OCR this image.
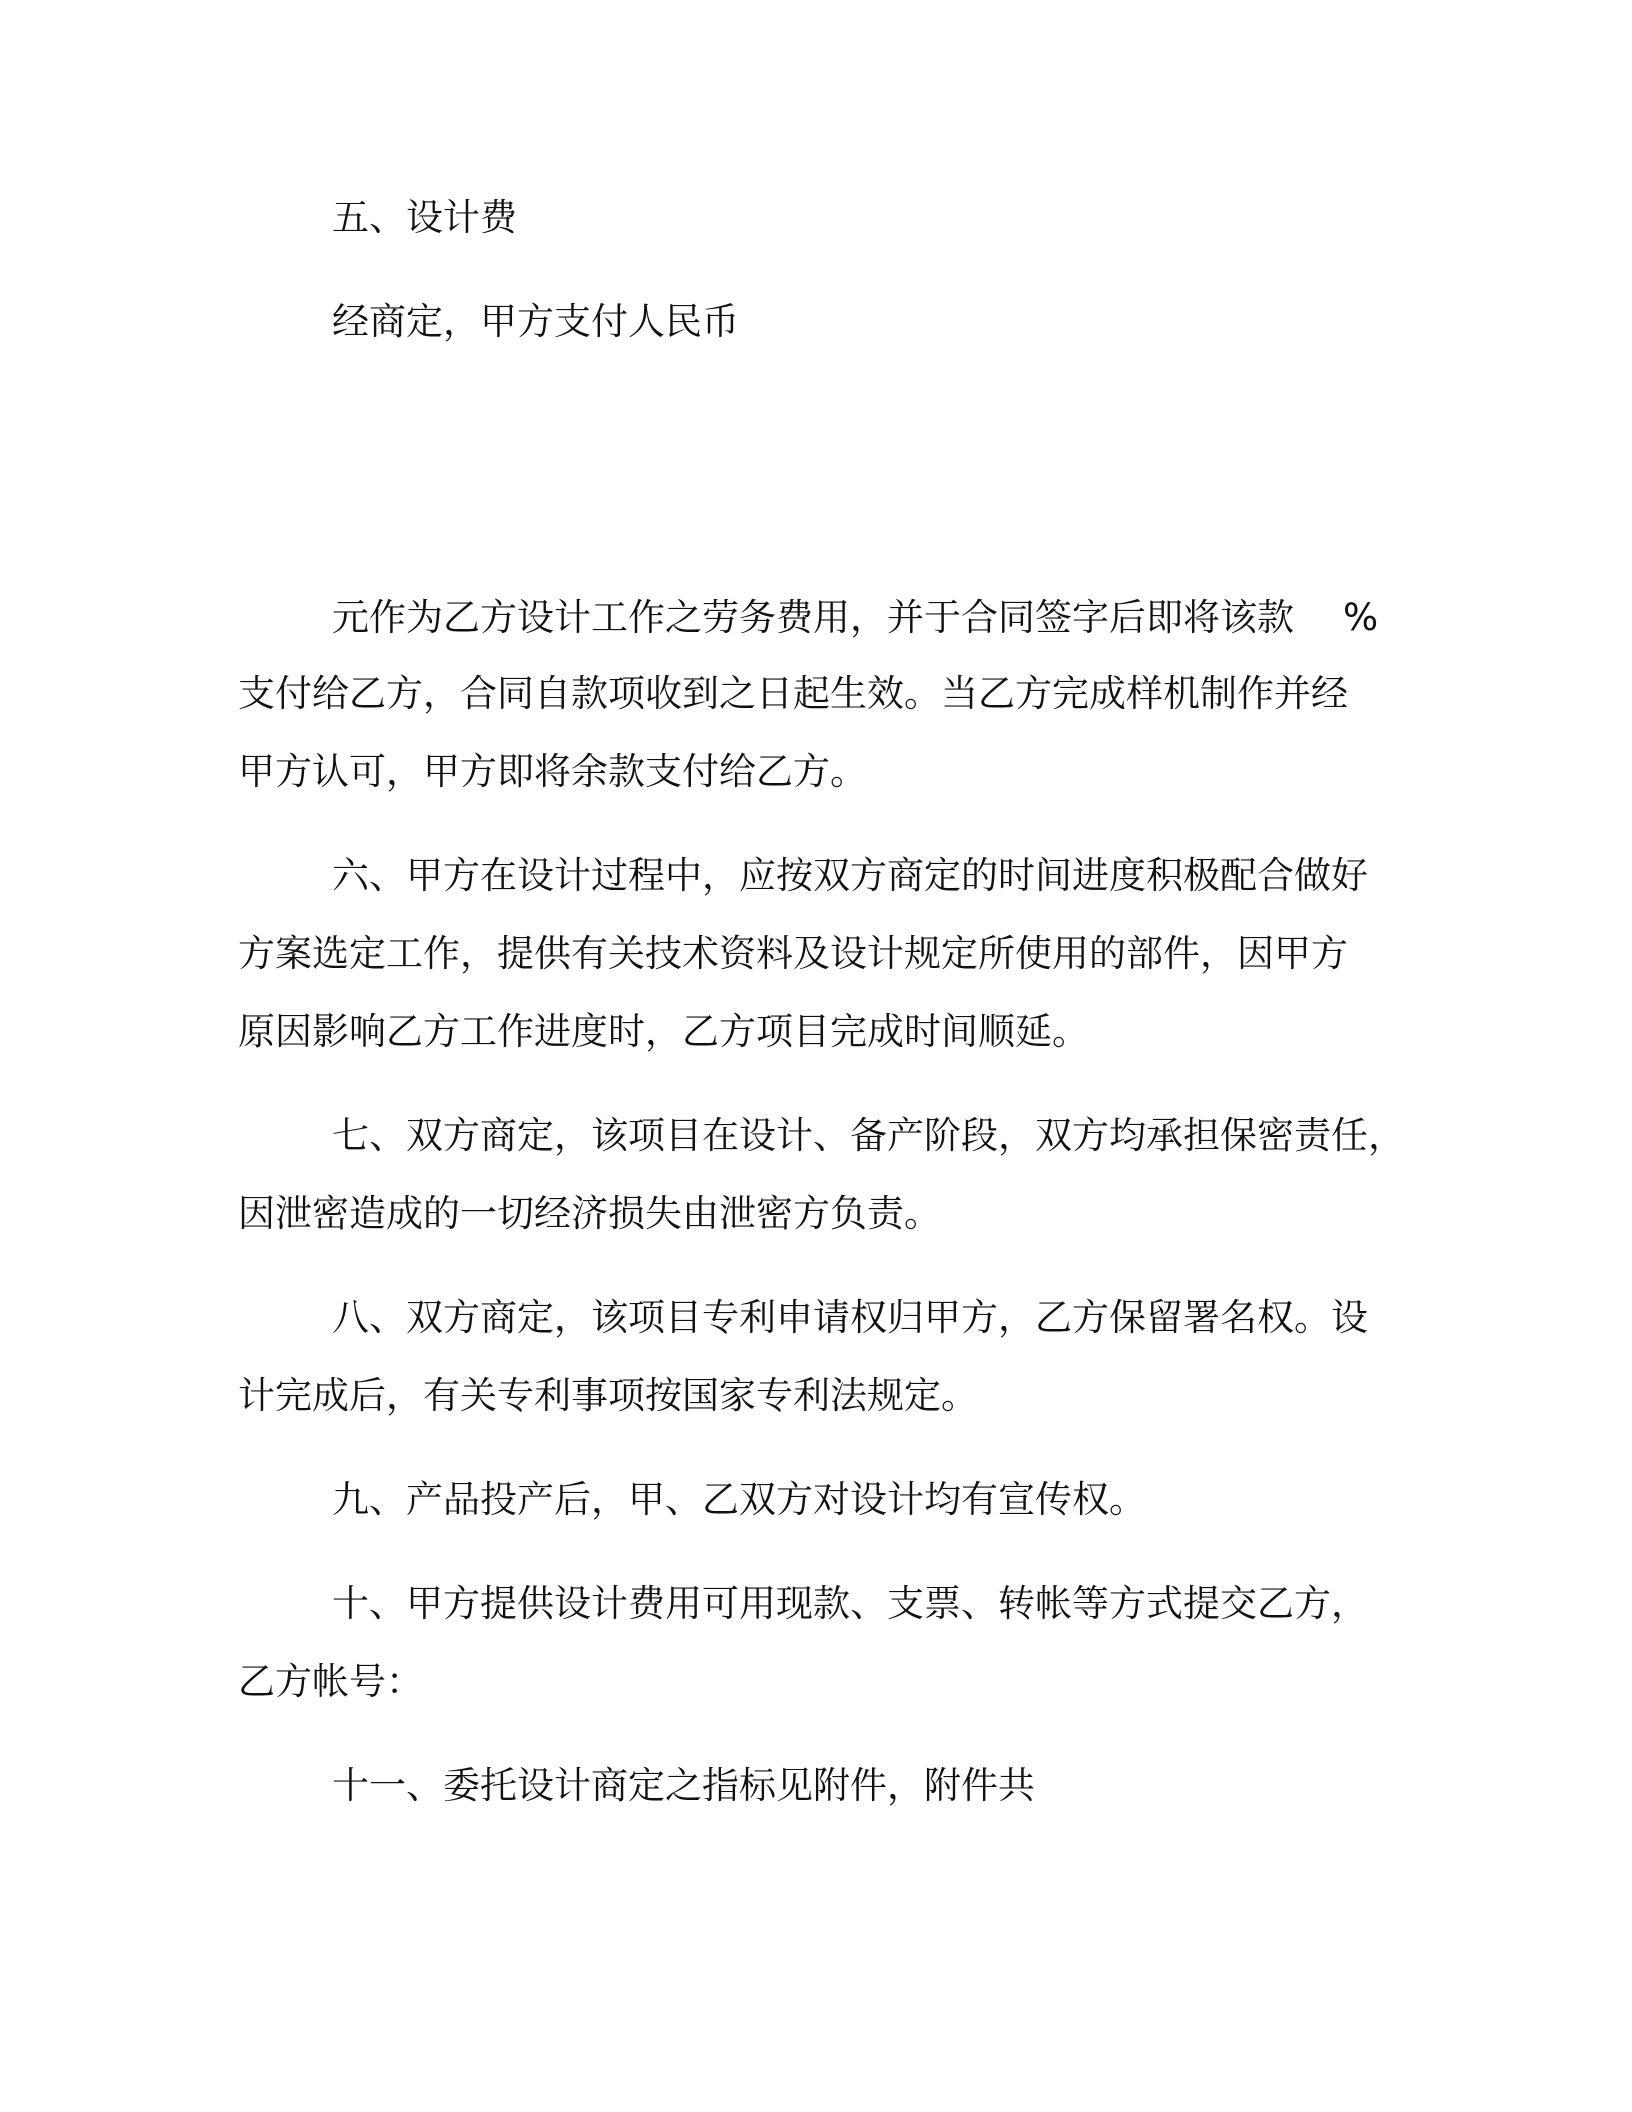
五、设计费
经商定，甲方支付人民币
元作为乙方设计工作之劳务费用，并于合同签字后即将该款 %
支付给乙方，合同自款项收到之日起生效。当乙方完成样机制作并经
甲方认可，甲方即将余款支付给乙方。
六、甲方在设计过程中，应按双方商定的时间进度积极配合做好
方案选定工作，提供有关技术资料及设计规定所使用的部件，因甲方
原因影响乙方工作进度时，乙方项目完成时间顺延。
七、双方商定，该项目在设计、备产阶段，双方均承担保密责任，
因泄密造成的一切经济损失由泄密方负责。
八、双方商定，该项目专利申请权归甲方，乙方保留署名权。设
计完成后，有关专利事项按国家专利法规定。
九、产品投产后，甲、乙双方对设计均有宣传权。
十、甲方提供设计费用可用现款、支票、转帐等方式提交乙方，
乙方帐号：
十一、委托设计商定之指标见附件，附件共
